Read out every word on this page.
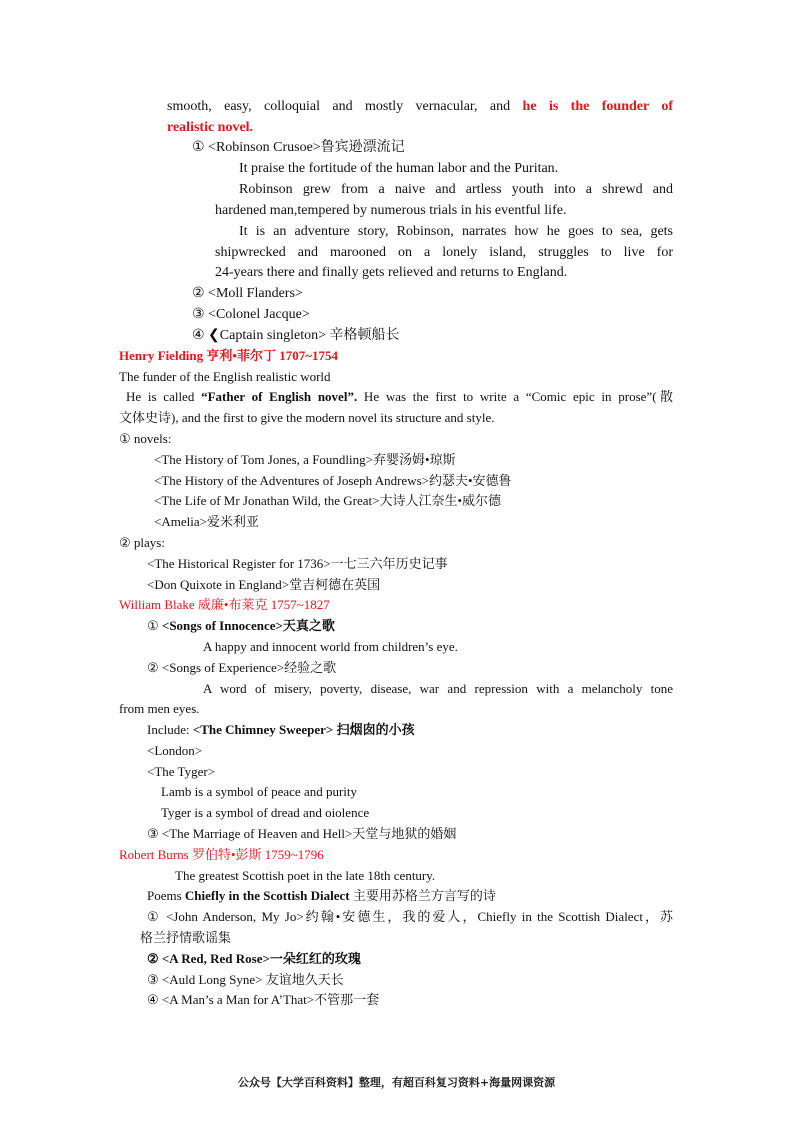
smooth, easy, colloquial and mostly vernacular, and he is the founder of
realistic novel.
① <Robinson Crusoe>鲁宾逊漂流记
It praise the fortitude of the human labor and the Puritan.
Robinson grew from a naive and artless youth into a shrewd and
hardened man,tempered by numerous trials in his eventful life.
It is an adventure story, Robinson, narrates how he goes to sea, gets
shipwrecked and marooned on a lonely island, struggles to live for
24-years there and finally gets relieved and returns to England.
② <Moll Flanders>
③ <Colonel Jacque>
④ ❮Captain singleton> 辛格顿船长
Henry Fielding 亨利•菲尔丁 1707~1754
The funder of the English realistic world
He is called “Father of English novel”. He was the first to write a “Comic epic in prose”(散
文体史诗), and the first to give the modern novel its structure and style.
① novels:
<The History of Tom Jones, a Foundling>弃婴汤姆•琼斯
<The History of the Adventures of Joseph Andrews>约瑟夫•安德鲁
<The Life of Mr Jonathan Wild, the Great>大诗人江奈生•威尔德
<Amelia>爱米利亚
② plays:
<The Historical Register for 1736>一七三六年历史记事
<Don Quixote in England>堂吉柯德在英国
William Blake 威廉•布莱克 1757~1827
① <Songs of Innocence>天真之歌
A happy and innocent world from children’s eye.
② <Songs of Experience>经验之歌
A word of misery, poverty, disease, war and repression with a melancholy tone
from men eyes.
Include: <The Chimney Sweeper> 扫烟囱的小孩
<London>
<The Tyger>
Lamb is a symbol of peace and purity
Tyger is a symbol of dread and oiolence
③ <The Marriage of Heaven and Hell>天堂与地狱的婚姻
Robert Burns 罗伯特•彭斯 1759~1796
The greatest Scottish poet in the late 18th century.
Poems Chiefly in the Scottish Dialect 主要用苏格兰方言写的诗
① <John Anderson, My Jo>约翰•安德生，我的爱人，Chiefly in the Scottish Dialect，苏
格兰抒情歌谣集
② <A Red, Red Rose>一朵红红的玫瑰
③ <Auld Long Syne> 友谊地久天长
④ <A Man’s a Man for A’That>不管那一套
公众号【大学百科资料】整理，有超百科复习资料+海量网课资源
